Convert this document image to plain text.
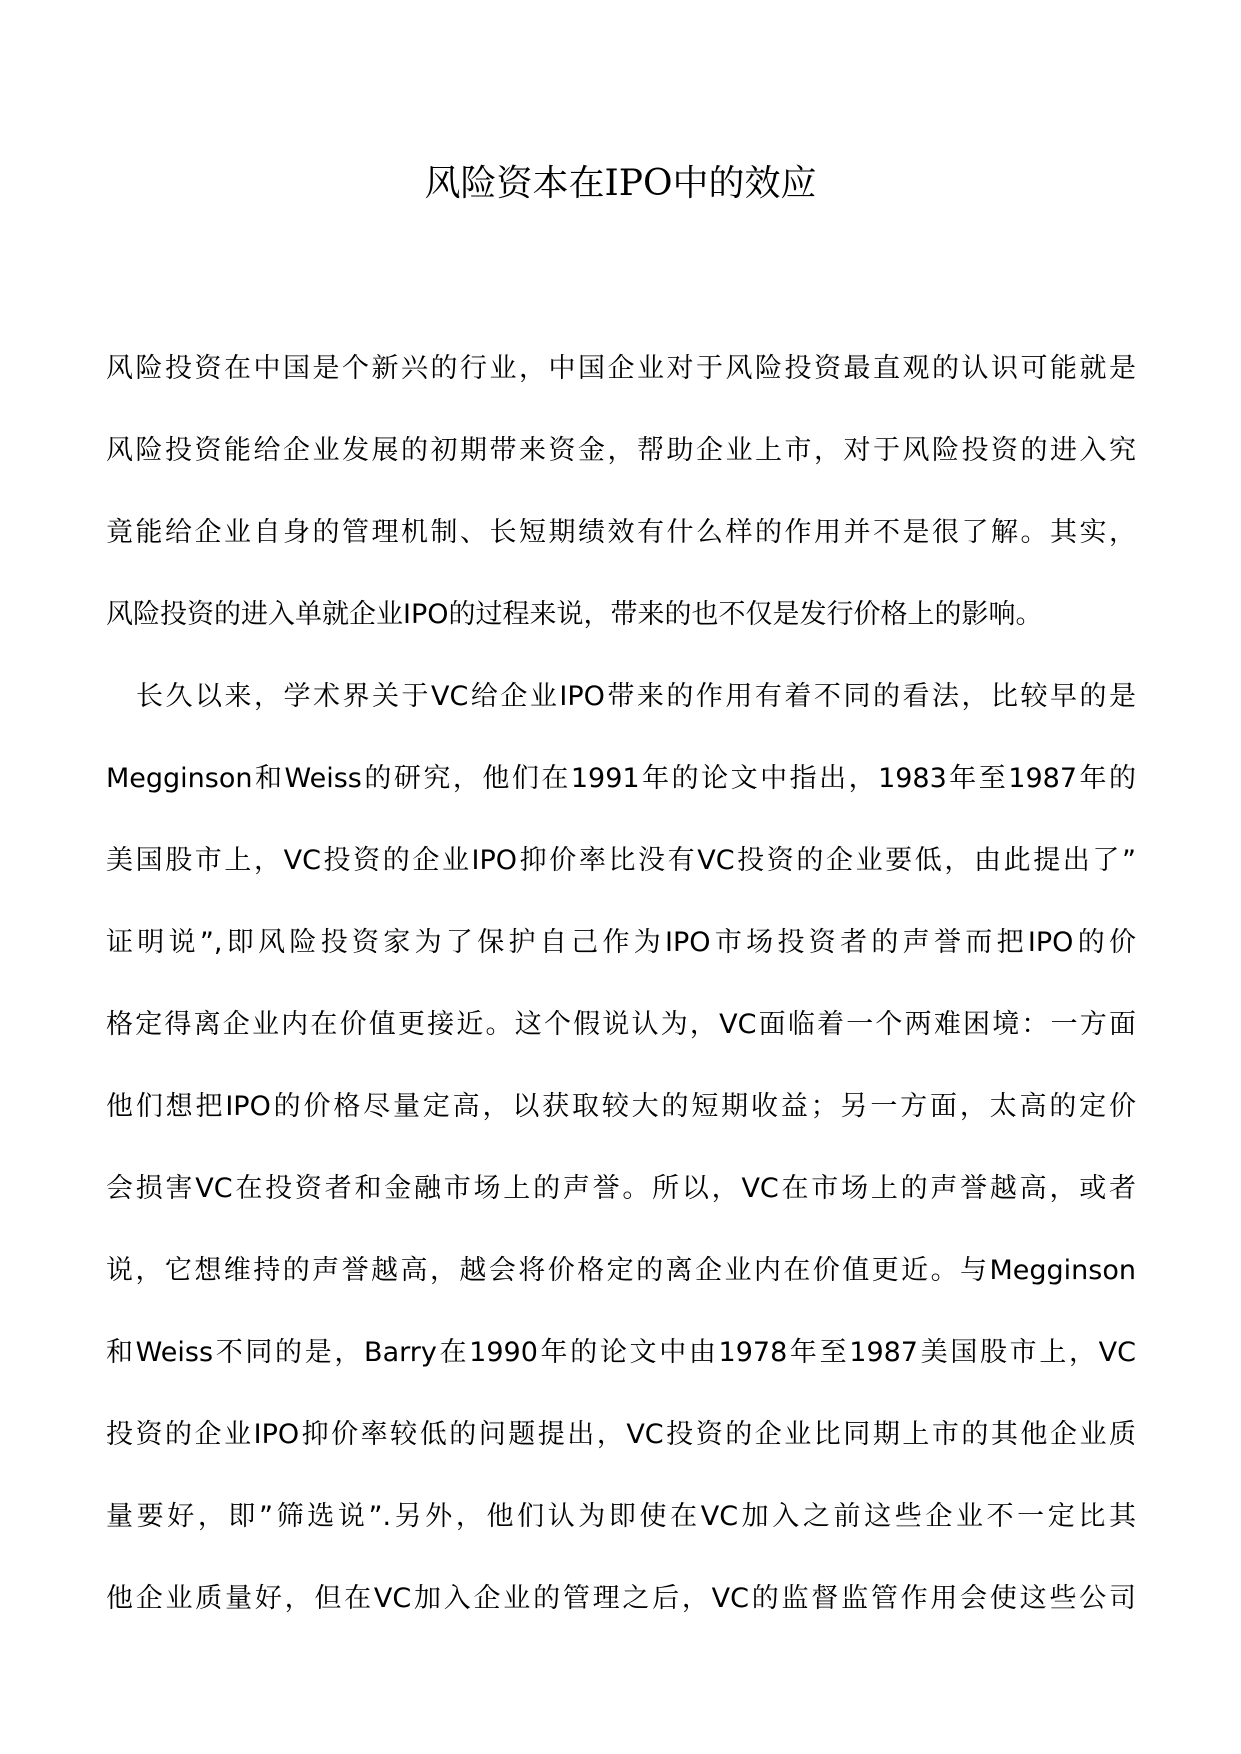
风险资本在IPO中的效应
风险投资在中国是个新兴的行业，中国企业对于风险投资最直观的认识可能就是
风险投资能给企业发展的初期带来资金，帮助企业上市，对于风险投资的进入究
竟能给企业自身的管理机制、长短期绩效有什么样的作用并不是很了解。其实，
风险投资的进入单就企业IPO的过程来说，带来的也不仅是发行价格上的影响。
长久以来，学术界关于VC给企业IPO带来的作用有着不同的看法，比较早的是
Megginson和Weiss的研究，他们在1991年的论文中指出，1983年至1987年的
美国股市上，VC投资的企业IPO抑价率比没有VC投资的企业要低，由此提出了”
证明说”,即风险投资家为了保护自己作为IPO市场投资者的声誉而把IPO的价
格定得离企业内在价值更接近。这个假说认为，VC面临着一个两难困境：一方面
他们想把IPO的价格尽量定高，以获取较大的短期收益；另一方面，太高的定价
会损害VC在投资者和金融市场上的声誉。所以，VC在市场上的声誉越高，或者
说，它想维持的声誉越高，越会将价格定的离企业内在价值更近。与Megginson
和Weiss不同的是，Barry在1990年的论文中由1978年至1987美国股市上，VC
投资的企业IPO抑价率较低的问题提出，VC投资的企业比同期上市的其他企业质
量要好，即”筛选说”.另外，他们认为即使在VC加入之前这些企业不一定比其
他企业质量好，但在VC加入企业的管理之后，VC的监督监管作用会使这些公司
